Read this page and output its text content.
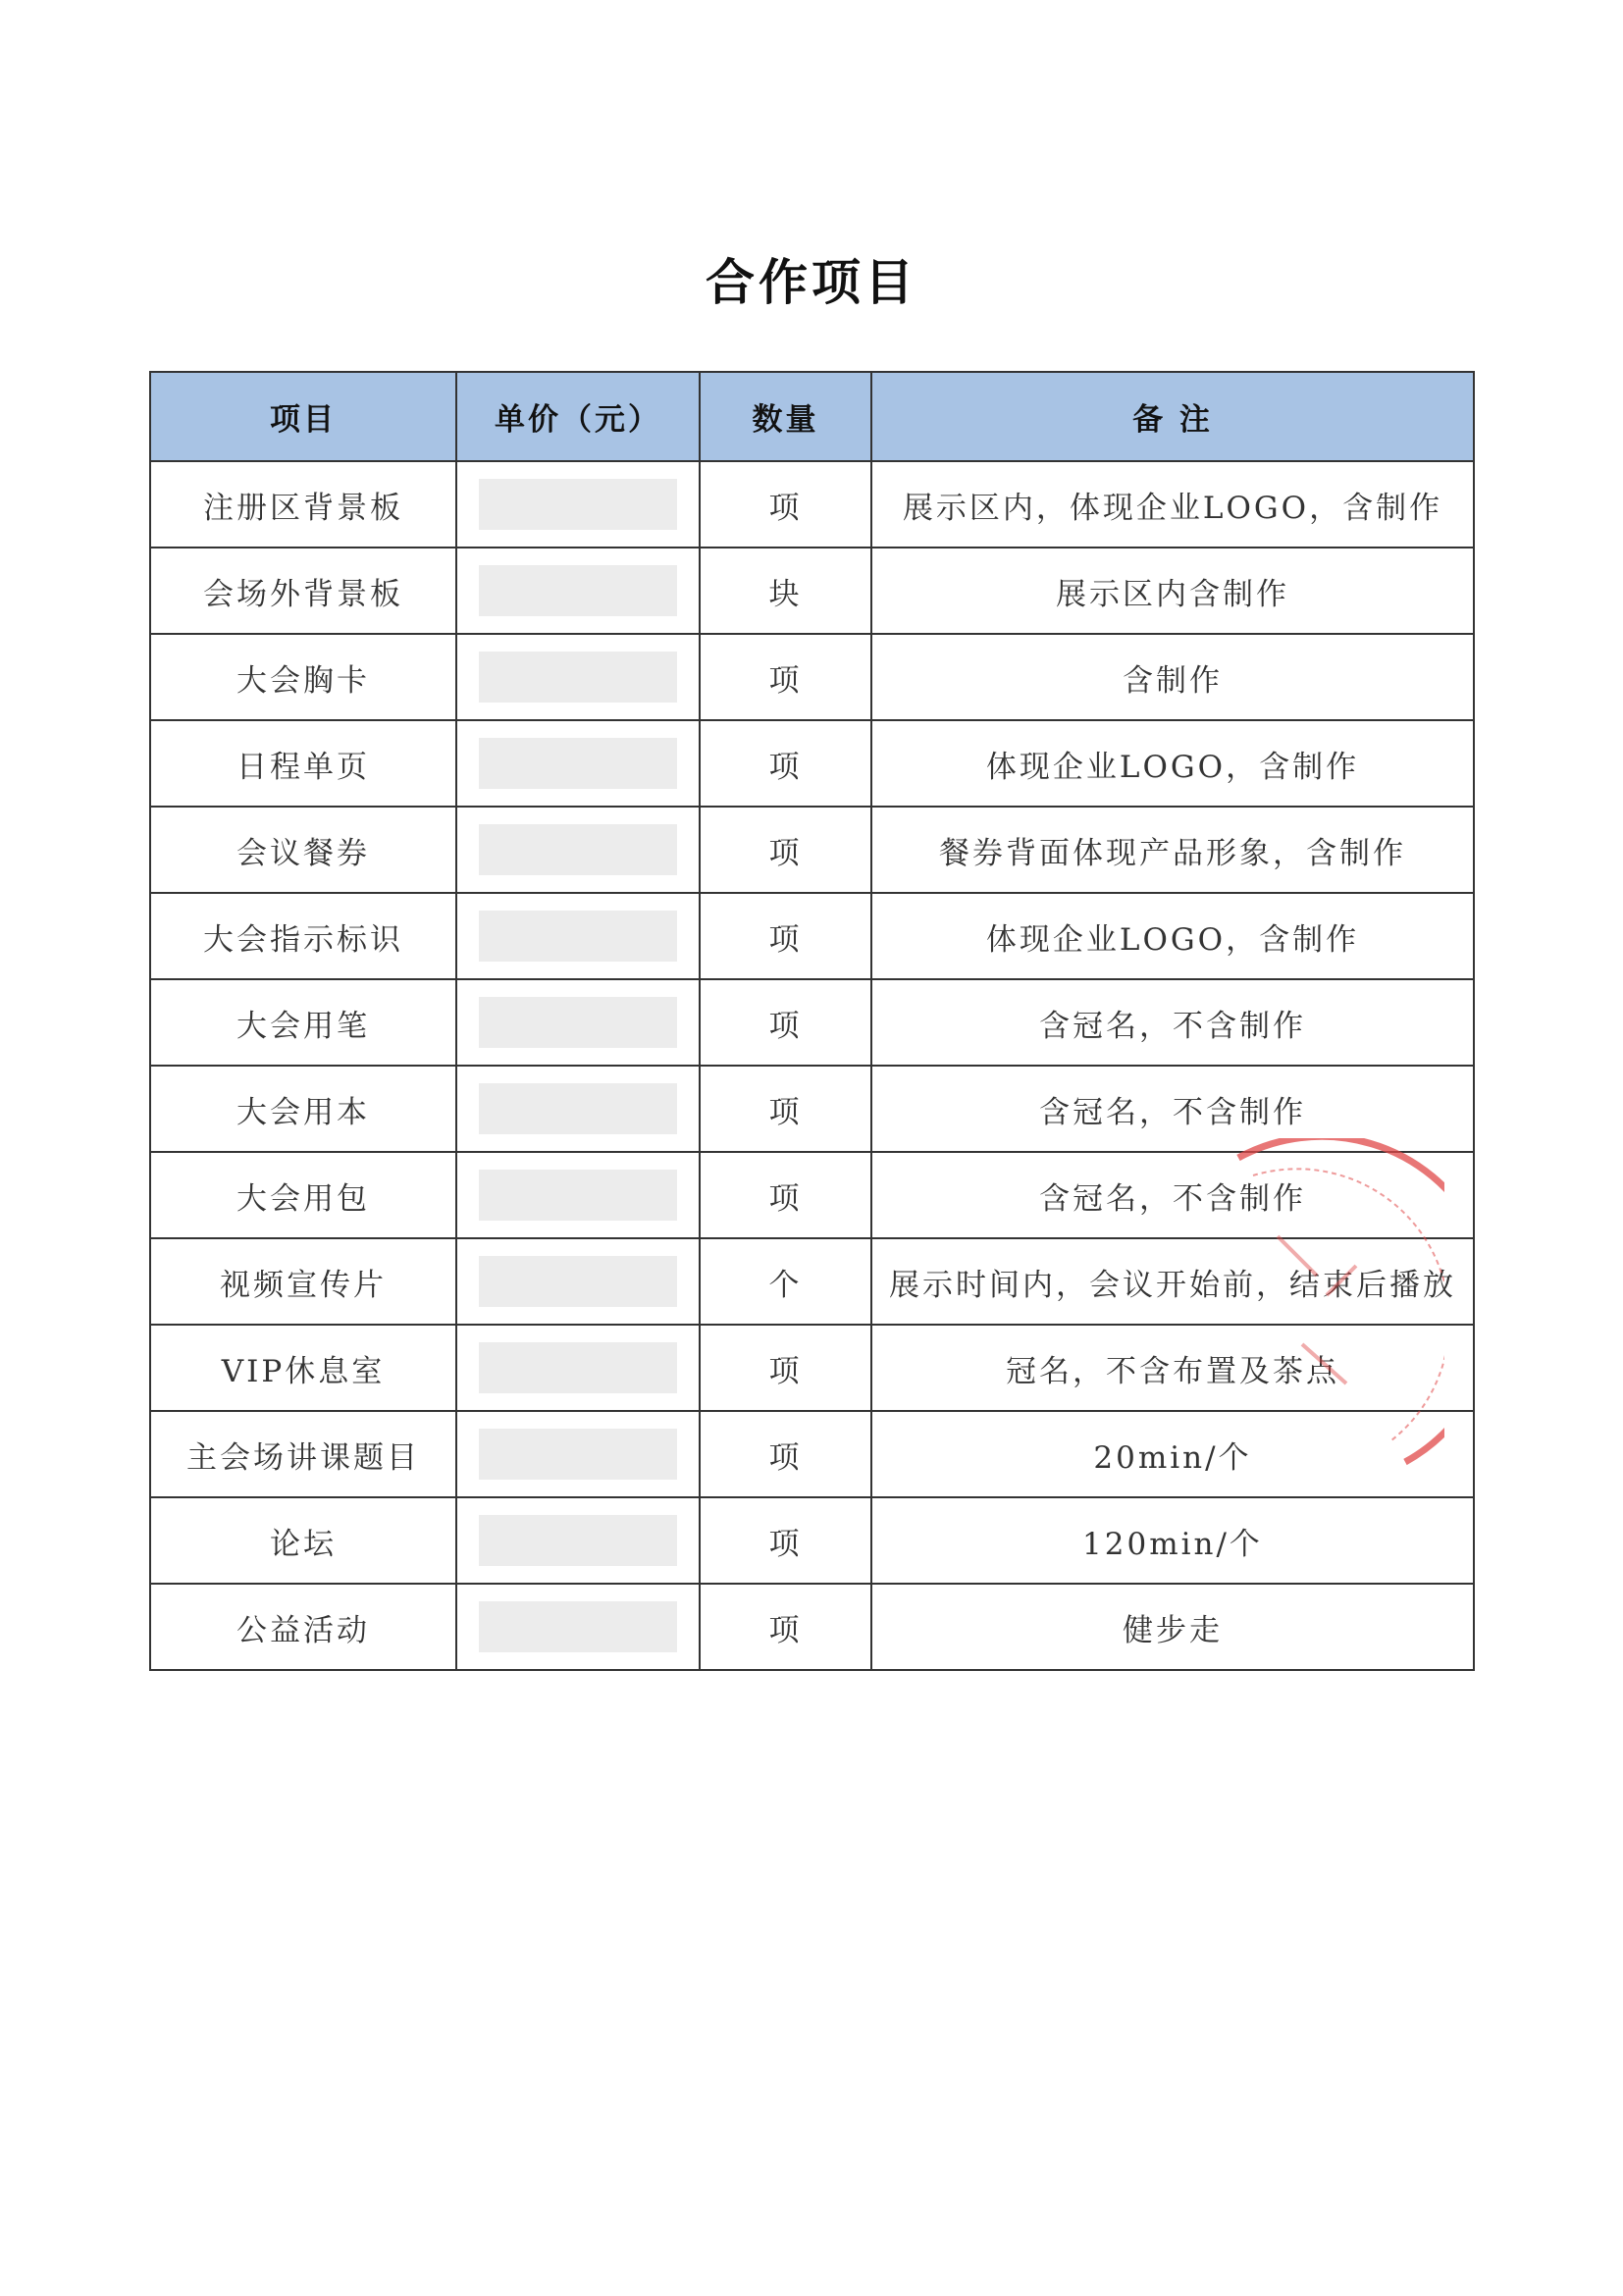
合作项目
项目	单价（元）	数量	备 注
注册区背景板		项	展示区内，体现企业LOGO，含制作
会场外背景板		块	展示区内含制作
大会胸卡		项	含制作
日程单页		项	体现企业LOGO，含制作
会议餐券		项	餐券背面体现产品形象，含制作
大会指示标识		项	体现企业LOGO，含制作
大会用笔		项	含冠名，不含制作
大会用本		项	含冠名，不含制作
大会用包		项	含冠名，不含制作
视频宣传片		个	展示时间内，会议开始前，结束后播放
VIP休息室		项	冠名，不含布置及茶点
主会场讲课题目		项	20min/个
论坛		项	120min/个
公益活动		项	健步走
